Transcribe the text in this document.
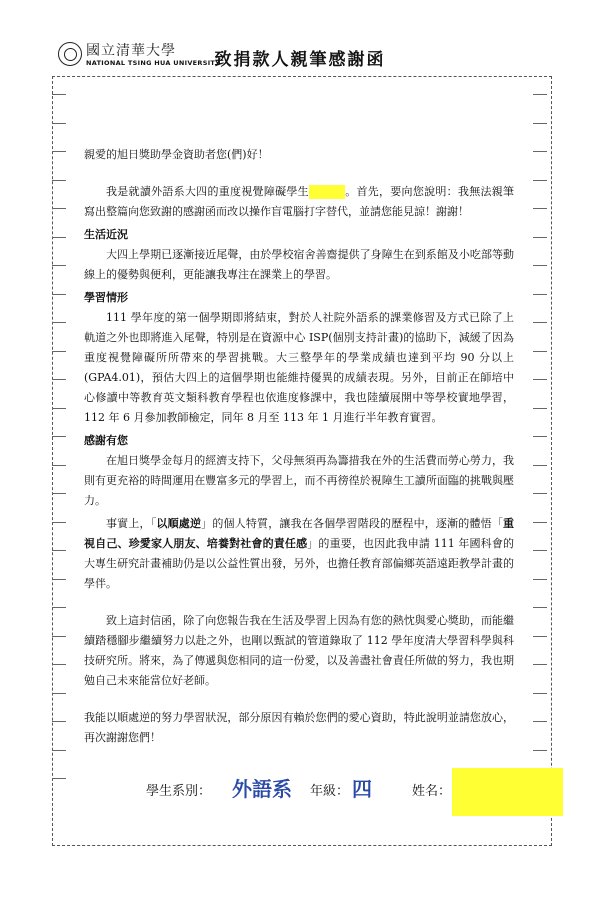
國立清華大學
NATIONAL TSING HUA UNIVERSITY
致捐款人親筆感謝函

親愛的旭日獎助學金資助者您(們)好！

我是就讀外語系大四的重度視覺障礙學生	。首先，要向您說明：我無法親筆寫出整篇向您致謝的感謝函而改以操作盲電腦打字替代，並請您能見諒！謝謝！

生活近況

大四上學期已逐漸接近尾聲，由於學校宿舍善齋提供了身障生在到系館及小吃部等動線上的優勢與便利，更能讓我專注在課業上的學習。

學習情形

111 學年度的第一個學期即將結束，對於人社院外語系的課業修習及方式已除了上軌道之外也即將進入尾聲，特別是在資源中心 ISP(個別支持計畫)的協助下，減緩了因為重度視覺障礙所所帶來的學習挑戰。大三整學年的學業成績也達到平均 90 分以上(GPA4.01)，預估大四上的這個學期也能維持優異的成績表現。另外，目前正在師培中心修讀中等教育英文類科教育學程也依進度修課中，我也陸續展開中等學校實地學習，112 年 6 月參加教師檢定，同年 8 月至 113 年 1 月進行半年教育實習。

感謝有您

在旭日獎學金每月的經濟支持下，父母無須再為籌措我在外的生活費而勞心勞力，我則有更充裕的時間運用在豐富多元的學習上，而不再徬徨於視障生工讀所面臨的挑戰與壓力。

事實上，「以順處逆」的個人特質，讓我在各個學習階段的歷程中，逐漸的體悟「重視自己、珍愛家人朋友、培養對社會的責任感」的重要，也因此我申請 111 年國科會的大專生研究計畫補助仍是以公益性質出發，另外，也擔任教育部偏鄉英語遠距教學計畫的學伴。

致上這封信函，除了向您報告我在生活及學習上因為有您的熱忱與愛心獎助，而能繼續踏穩腳步繼續努力以赴之外，也剛以甄試的管道錄取了 112 學年度清大學習科學與科技研究所。將來，為了傳遞與您相同的這一份愛，以及善盡社會責任所做的努力，我也期勉自己未來能當位好老師。

我能以順處逆的努力學習狀況，部分原因有賴於您們的愛心資助，特此說明並請您放心，再次謝謝您們！

學生系別： 外語系 年級： 四	姓名：
